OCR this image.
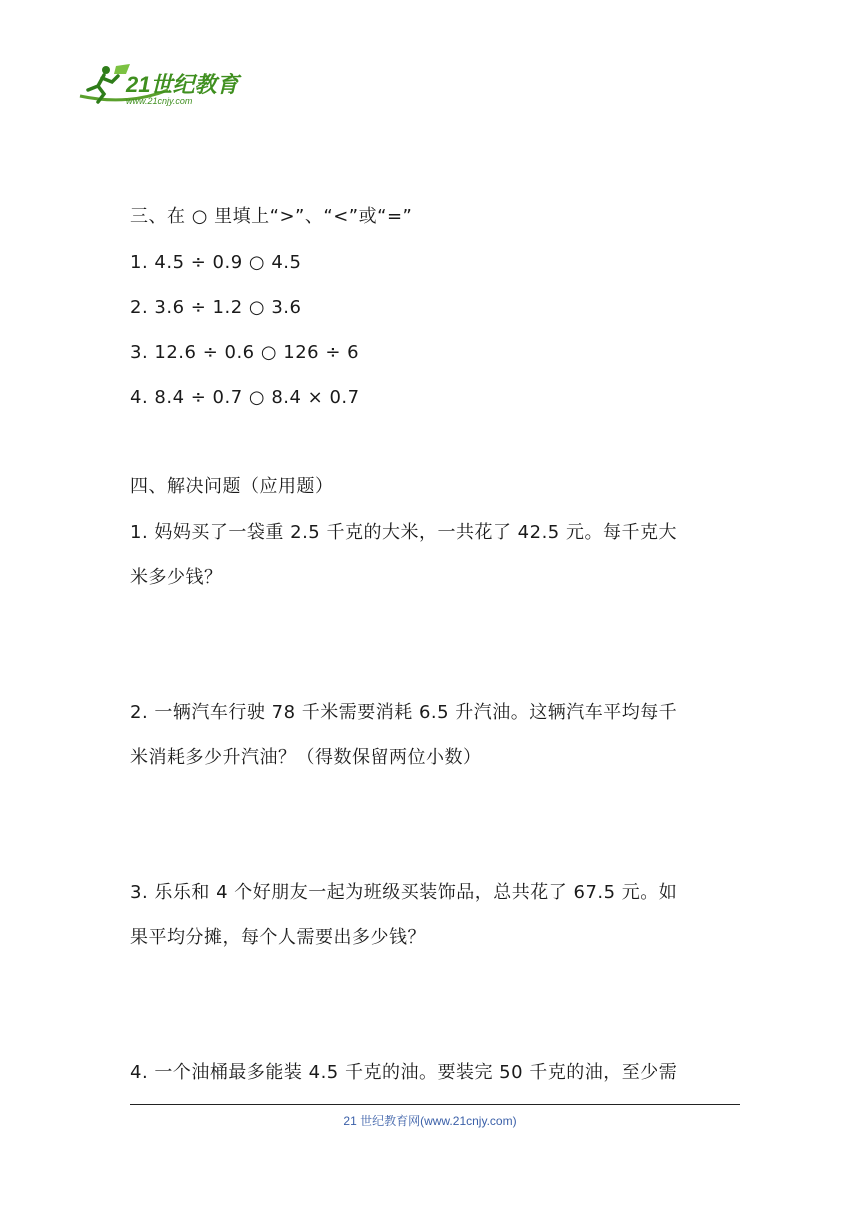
21世纪教育
www.21cnjy.com
三、在 ○ 里填上“>”、“<”或“=”
1. 4.5 ÷ 0.9 ○ 4.5
2. 3.6 ÷ 1.2 ○ 3.6
3. 12.6 ÷ 0.6 ○ 126 ÷ 6
4. 8.4 ÷ 0.7 ○ 8.4 × 0.7
四、解决问题（应用题）
1. 妈妈买了一袋重 2.5 千克的大米，一共花了 42.5 元。每千克大
米多少钱？
2. 一辆汽车行驶 78 千米需要消耗 6.5 升汽油。这辆汽车平均每千
米消耗多少升汽油？（得数保留两位小数）
3. 乐乐和 4 个好朋友一起为班级买装饰品，总共花了 67.5 元。如
果平均分摊，每个人需要出多少钱？
4. 一个油桶最多能装 4.5 千克的油。要装完 50 千克的油，至少需
21 世纪教育网(www.21cnjy.com)
